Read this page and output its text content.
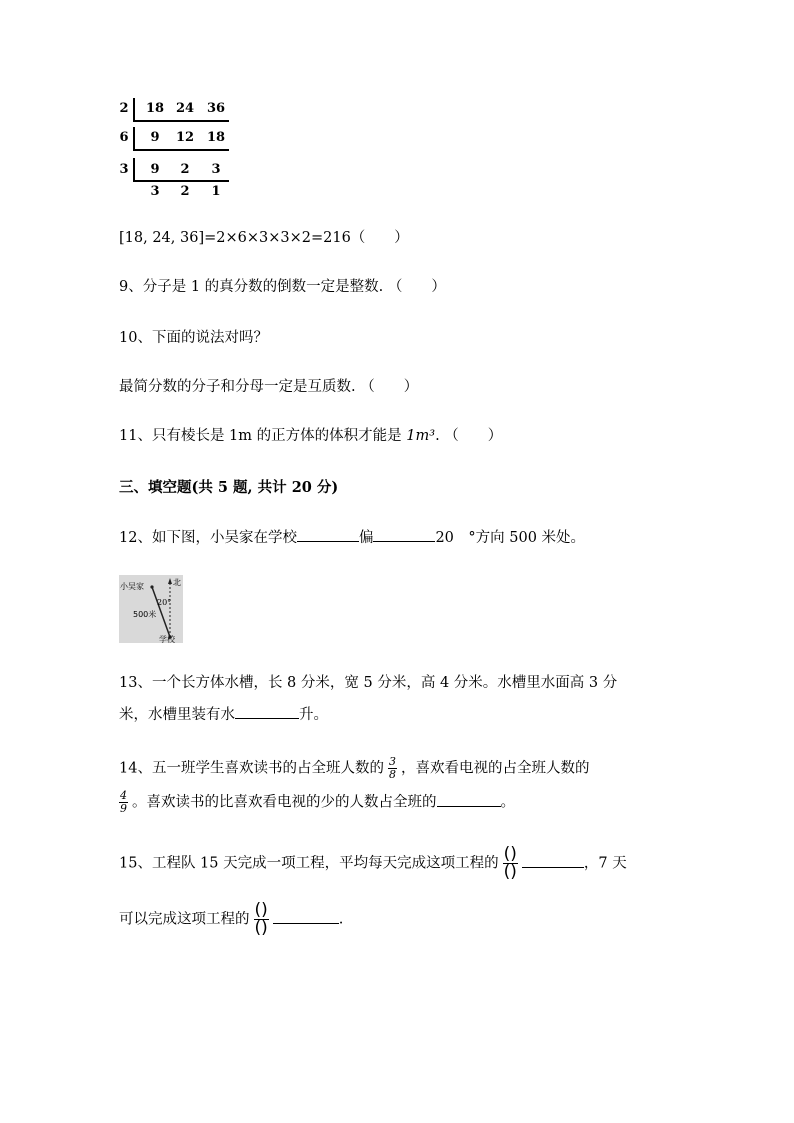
2 18 24 36
6	9	12 18
3	9	2	3
3	2	1
[18, 24, 36]=2×6×3×3×2=216（　　）
9、分子是 1 的真分数的倒数一定是整数. （　　）
10、下面的说法对吗？
最简分数的分子和分母一定是互质数. （　　）
11、只有棱长是 1m 的正方体的体积才能是 1m³. （　　）
三、填空题(共 5 题, 共计 20 分)
12、如下图，小吴家在学校	偏	20　°方向 500 米处。
小吴家	北
20°
500米
学校
13、一个长方体水槽，长 8 分米，宽 5 分米，高 4 分米。水槽里水面高 3 分
米，水槽里装有水	升。
14、五一班学生喜欢读书的占全班人数的 $\frac{3}{8}$ ，喜欢看电视的占全班人数的
$\frac{4}{9}$ 。喜欢读书的比喜欢看电视的少的人数占全班的	。
15、工程队 15 天完成一项工程，平均每天完成这项工程的 $\frac{()}{()}$	，7 天
可以完成这项工程的 $\frac{()}{()}$	.
